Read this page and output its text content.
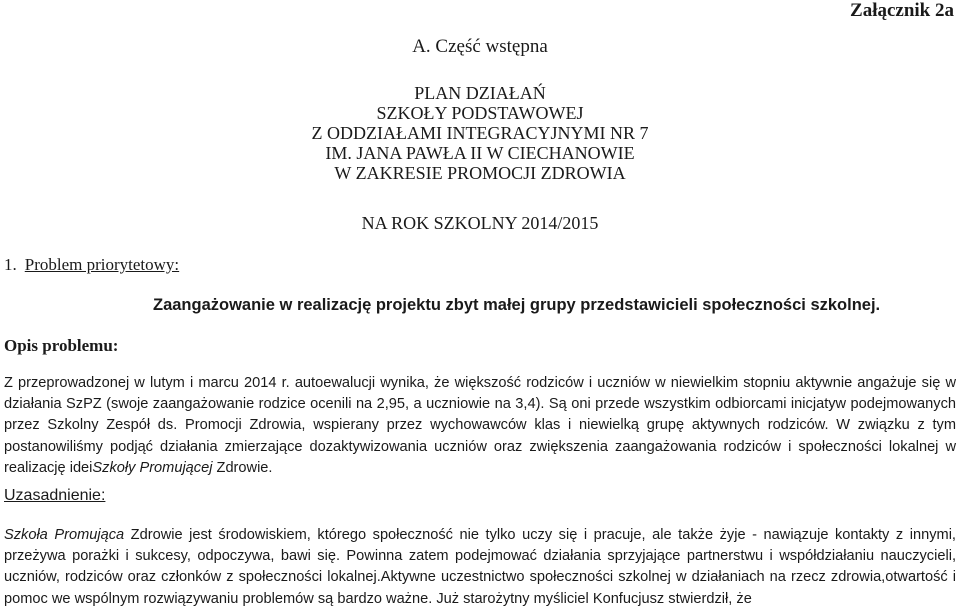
Załącznik 2a
A. Część wstępna
PLAN DZIAŁAŃ
SZKOŁY PODSTAWOWEJ
Z ODDZIAŁAMI INTEGRACYJNYMI NR 7
IM. JANA PAWŁA II W CIECHANOWIE
W ZAKRESIE PROMOCJI ZDROWIA
NA ROK SZKOLNY 2014/2015
1. Problem priorytetowy:
Zaangażowanie w realizację projektu zbyt małej grupy przedstawicieli społeczności szkolnej.
Opis problemu:
Z przeprowadzonej w lutym i marcu 2014 r. autoewalucji wynika, że większość rodziców i uczniów w niewielkim stopniu aktywnie angażuje się w działania SzPZ (swoje zaangażowanie rodzice ocenili na 2,95, a uczniowie na 3,4). Są oni przede wszystkim odbiorcami inicjatyw podejmowanych przez Szkolny Zespół ds. Promocji Zdrowia, wspierany przez wychowawców klas i niewielką grupę aktywnych rodziców. W związku z tym postanowiliśmy podjąć działania zmierzające dozaktywizowania uczniów oraz zwiększenia zaangażowania rodziców i społeczności lokalnej w realizację ideiSzkoły Promującej Zdrowie.
Uzasadnienie:
Szkoła Promująca Zdrowie jest środowiskiem, którego społeczność nie tylko uczy się i pracuje, ale także żyje - nawiązuje kontakty z innymi, przeżywa porażki i sukcesy, odpoczywa, bawi się. Powinna zatem podejmować działania sprzyjające partnerstwu i współdziałaniu nauczycieli, uczniów, rodziców oraz członków z społeczności lokalnej.Aktywne uczestnictwo społeczności szkolnej w działaniach na rzecz zdrowia,otwartość i pomoc we wspólnym rozwiązywaniu problemów są bardzo ważne. Już starożytny myśliciel Konfucjusz stwierdził, że
